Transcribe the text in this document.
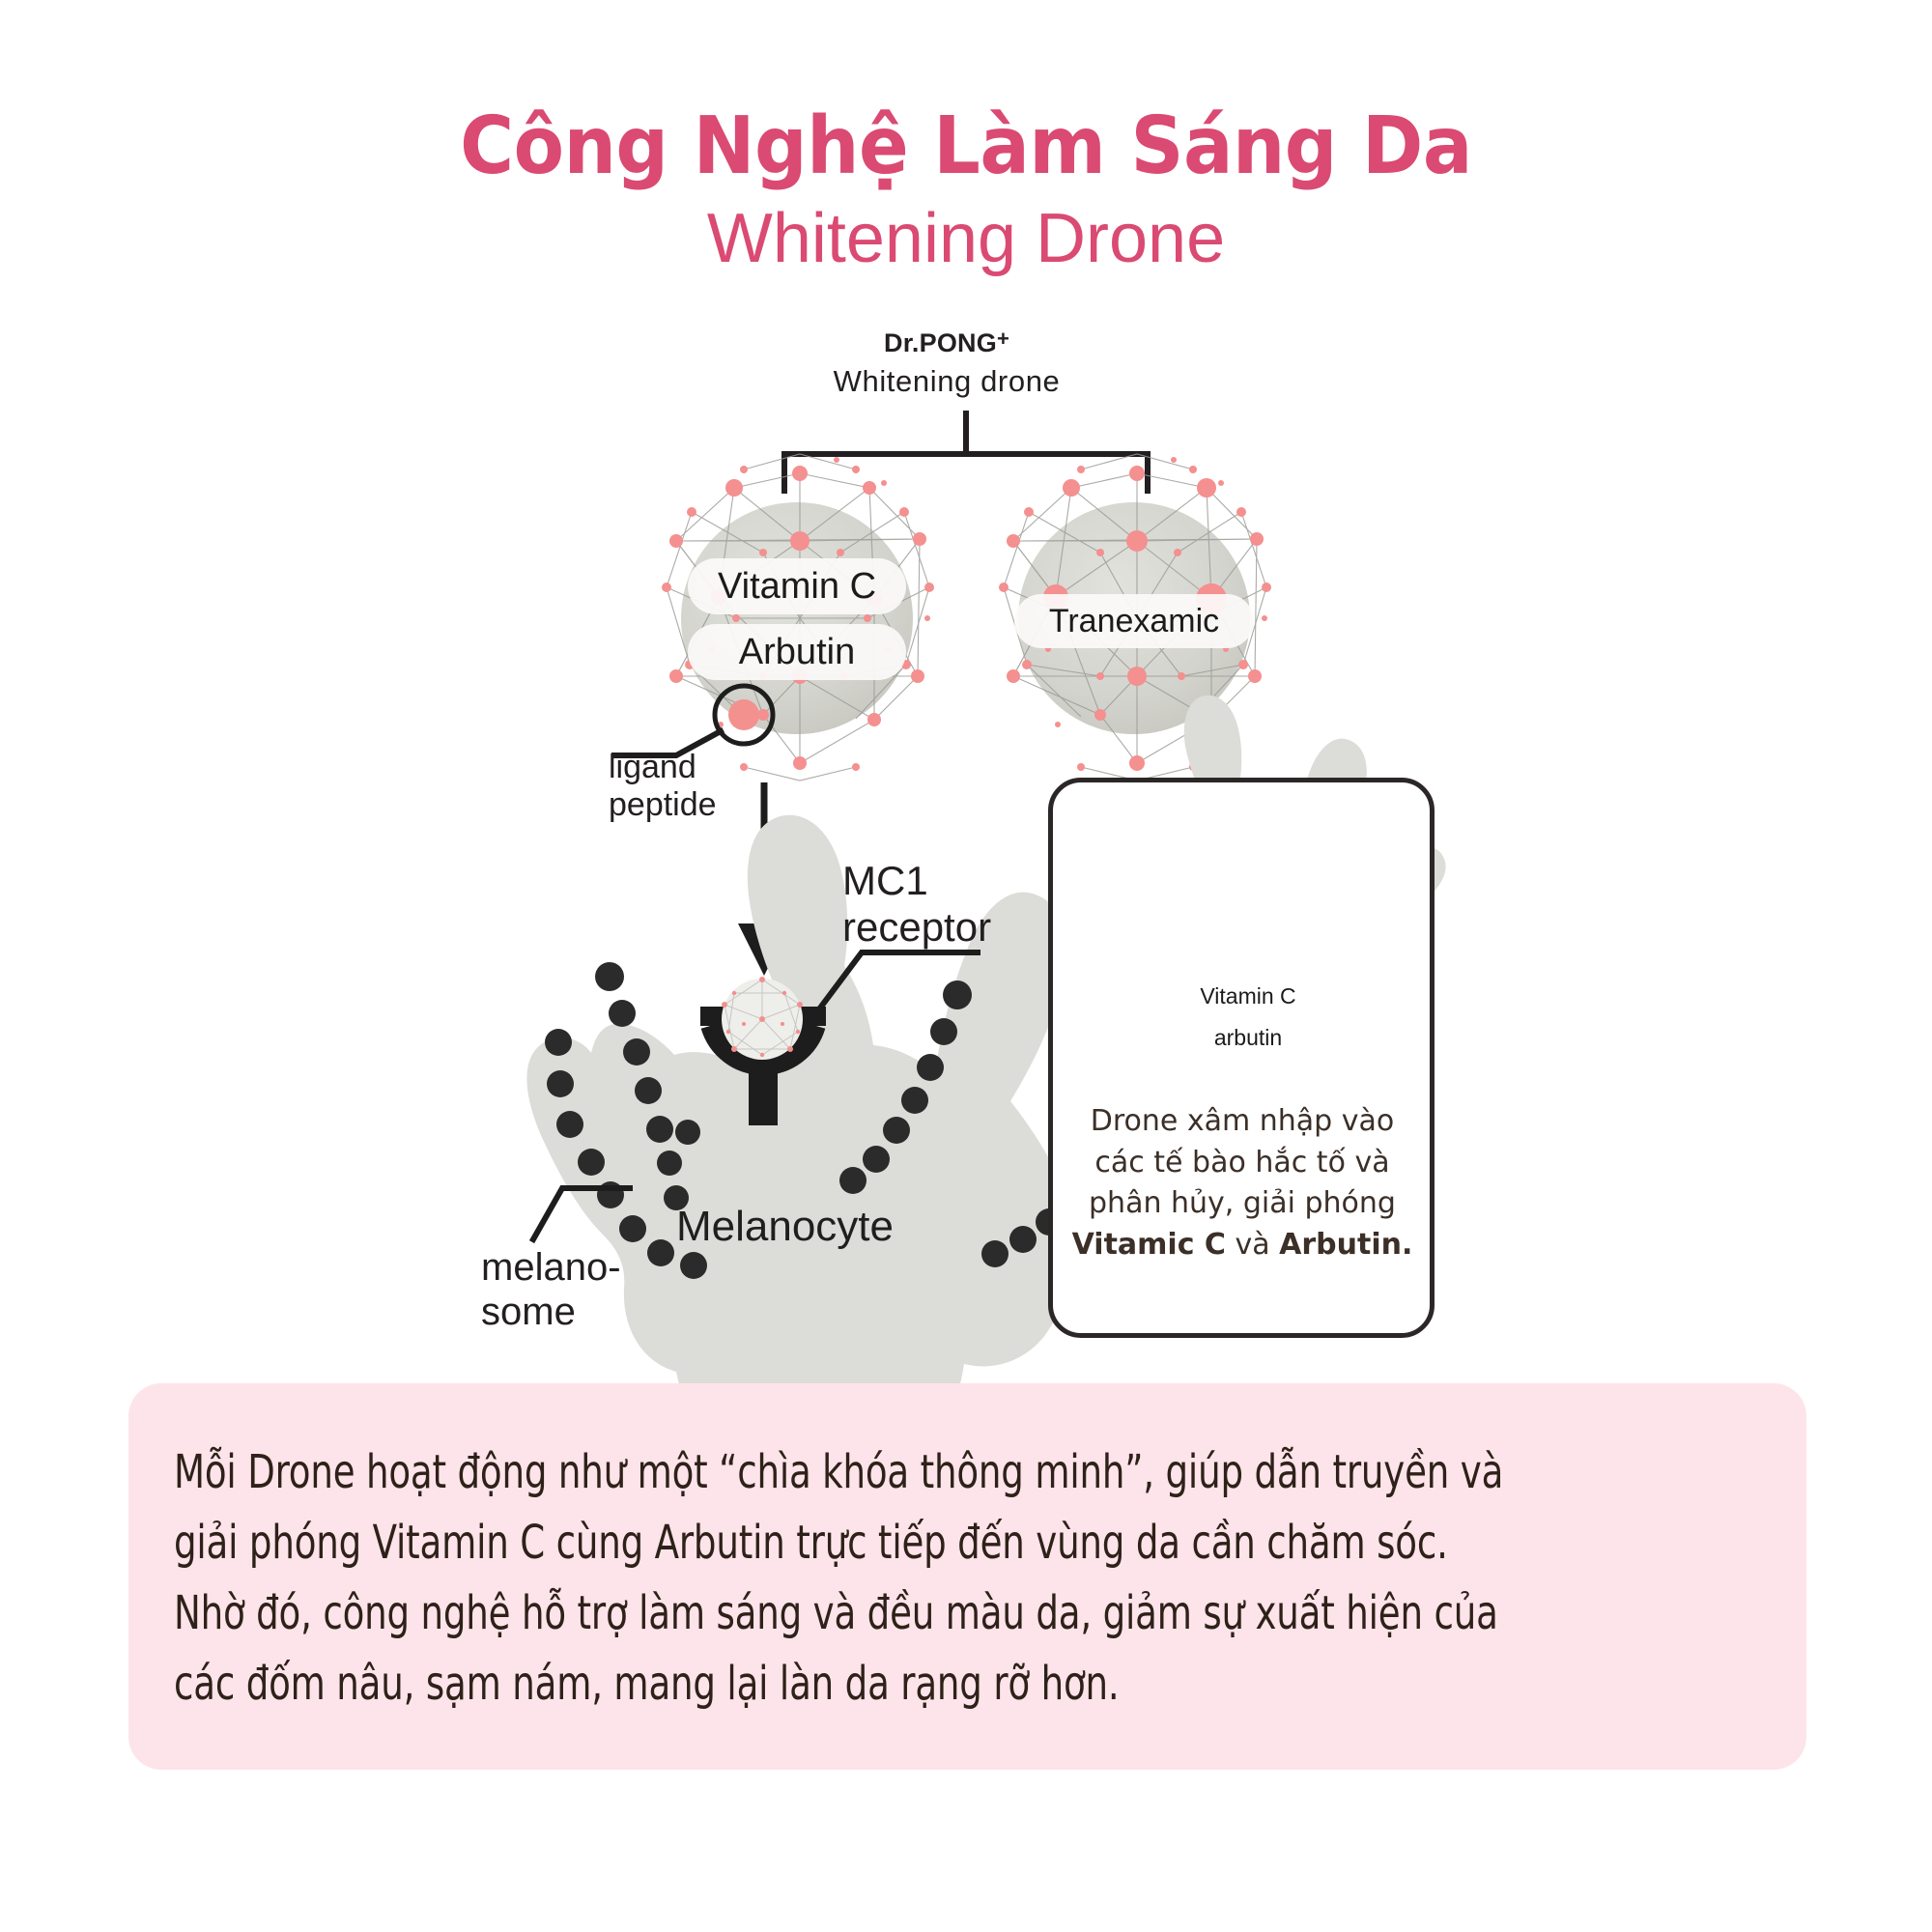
Công Nghệ Làm Sáng Da
Whitening Drone
Dr.PONG+
Whitening drone
Vitamin C
Arbutin
Tranexamic
ligand
peptide
MC1
receptor
melano-
some
Melanocyte
Vitamin C
arbutin
Drone xâm nhập vào
các tế bào hắc tố và
phân hủy, giải phóng
Vitamic C và Arbutin.
Mỗi Drone hoạt động như một “chìa khóa thông minh”, giúp dẫn truyền và
giải phóng Vitamin C cùng Arbutin trực tiếp đến vùng da cần chăm sóc.
Nhờ đó, công nghệ hỗ trợ làm sáng và đều màu da, giảm sự xuất hiện của
các đốm nâu, sạm nám, mang lại làn da rạng rỡ hơn.
